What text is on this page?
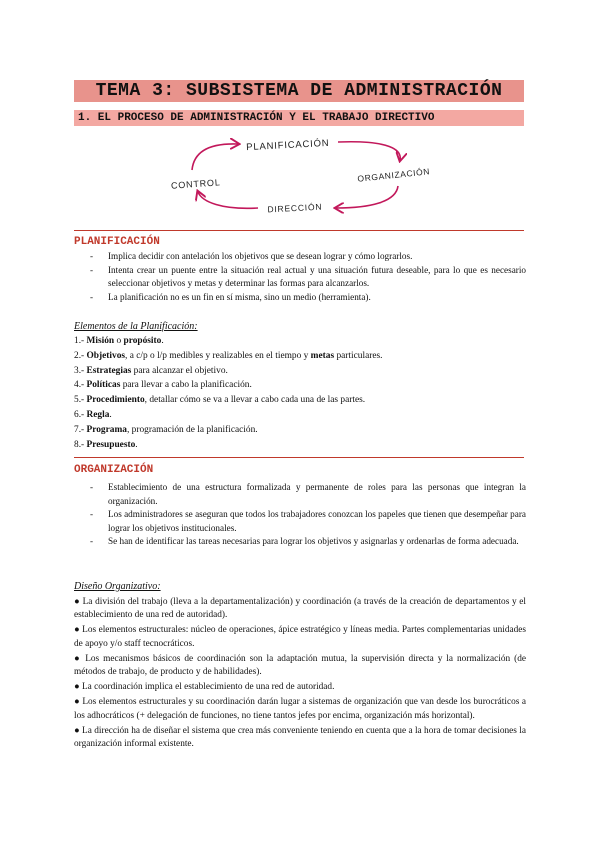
TEMA 3: SUBSISTEMA DE ADMINISTRACIÓN
1. EL PROCESO DE ADMINISTRACIÓN Y EL TRABAJO DIRECTIVO
PLANIFICACIÓN
ORGANIZACIÓN
DIRECCIÓN
CONTROL
PLANIFICACIÓN
- Implica decidir con antelación los objetivos que se desean lograr y cómo lograrlos.
- Intenta crear un puente entre la situación real actual y una situación futura deseable, para lo que es necesario seleccionar objetivos y metas y determinar las formas para alcanzarlos.
- La planificación no es un fin en sí misma, sino un medio (herramienta).
Elementos de la Planificación:
1.- Misión o propósito.
2.- Objetivos, a c/p o l/p medibles y realizables en el tiempo y metas particulares.
3.- Estrategias para alcanzar el objetivo.
4.- Políticas para llevar a cabo la planificación.
5.- Procedimiento, detallar cómo se va a llevar a cabo cada una de las partes.
6.- Regla.
7.- Programa, programación de la planificación.
8.- Presupuesto.
ORGANIZACIÓN
- Establecimiento de una estructura formalizada y permanente de roles para las personas que integran la organización.
- Los administradores se aseguran que todos los trabajadores conozcan los papeles que tienen que desempeñar para lograr los objetivos institucionales.
- Se han de identificar las tareas necesarias para lograr los objetivos y asignarlas y ordenarlas de forma adecuada.
Diseño Organizativo:
● La división del trabajo (lleva a la departamentalización) y coordinación (a través de la creación de departamentos y el establecimiento de una red de autoridad).
● Los elementos estructurales: núcleo de operaciones, ápice estratégico y líneas media. Partes complementarias unidades de apoyo y/o staff tecnocráticos.
● Los mecanismos básicos de coordinación son la adaptación mutua, la supervisión directa y la normalización (de métodos de trabajo, de producto y de habilidades).
● La coordinación implica el establecimiento de una red de autoridad.
● Los elementos estructurales y su coordinación darán lugar a sistemas de organización que van desde los burocráticos a los adhocráticos (+ delegación de funciones, no tiene tantos jefes por encima, organización más horizontal).
● La dirección ha de diseñar el sistema que crea más conveniente teniendo en cuenta que a la hora de tomar decisiones la organización informal existente.
